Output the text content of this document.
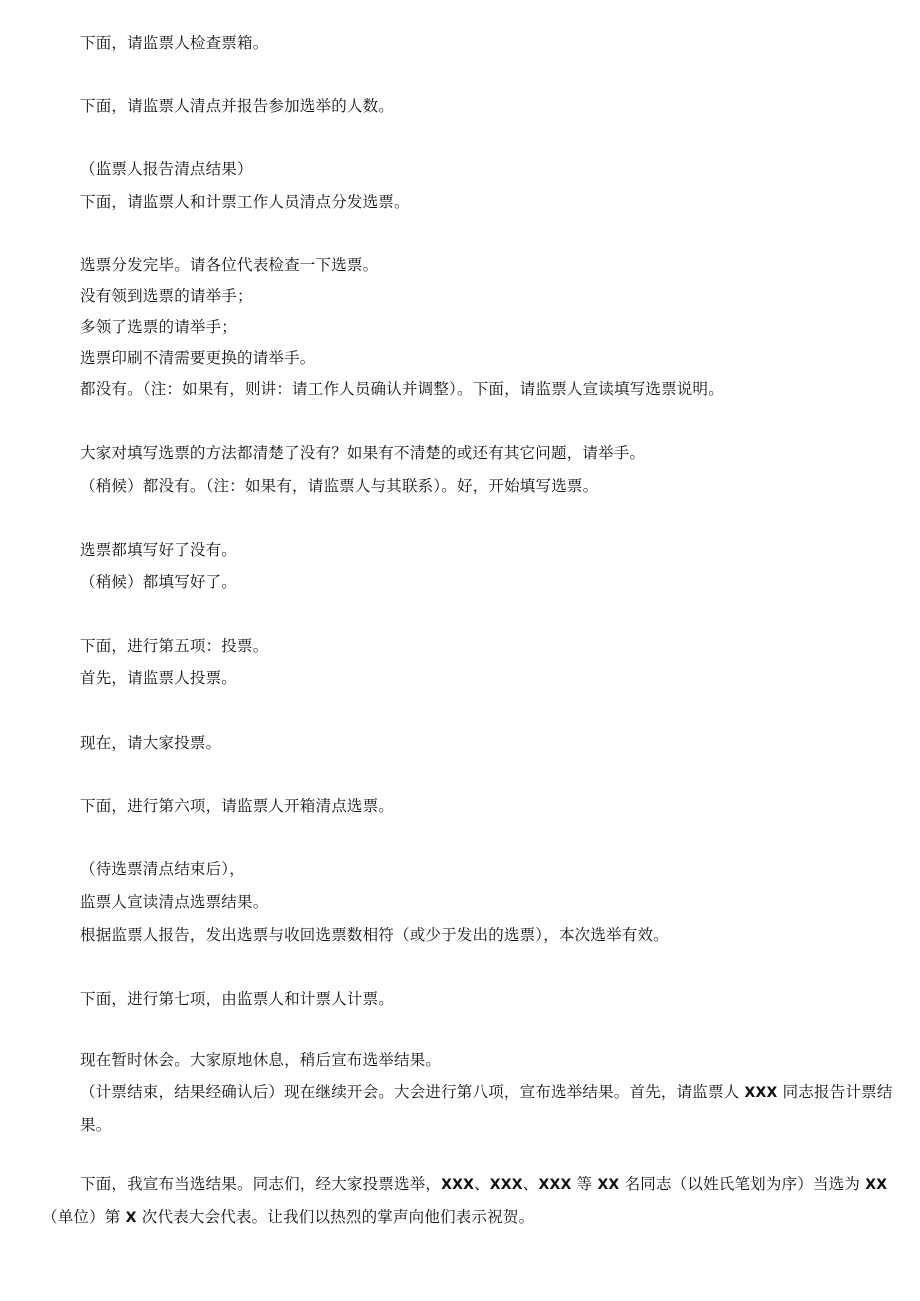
下面，请监票人检查票箱。
下面，请监票人清点并报告参加选举的人数。
（监票人报告清点结果）
下面，请监票人和计票工作人员清点分发选票。
选票分发完毕。请各位代表检查一下选票。
没有领到选票的请举手；
多领了选票的请举手；
选票印刷不清需要更换的请举手。
都没有。（注：如果有，则讲：请工作人员确认并调整）。下面，请监票人宣读填写选票说明。
大家对填写选票的方法都清楚了没有？如果有不清楚的或还有其它问题，请举手。
（稍候）都没有。（注：如果有，请监票人与其联系）。好，开始填写选票。
选票都填写好了没有。
（稍候）都填写好了。
下面，进行第五项：投票。
首先，请监票人投票。
现在，请大家投票。
下面，进行第六项，请监票人开箱清点选票。
（待选票清点结束后），
监票人宣读清点选票结果。
根据监票人报告，发出选票与收回选票数相符（或少于发出的选票），本次选举有效。
下面，进行第七项，由监票人和计票人计票。
现在暂时休会。大家原地休息，稍后宣布选举结果。
（计票结束，结果经确认后）现在继续开会。大会进行第八项，宣布选举结果。首先，请监票人 XXX 同志报告计票结果。
下面，我宣布当选结果。同志们，经大家投票选举，XXX、XXX、XXX 等 XX 名同志（以姓氏笔划为序）当选为 XX（单位）第 X 次代表大会代表。让我们以热烈的掌声向他们表示祝贺。
